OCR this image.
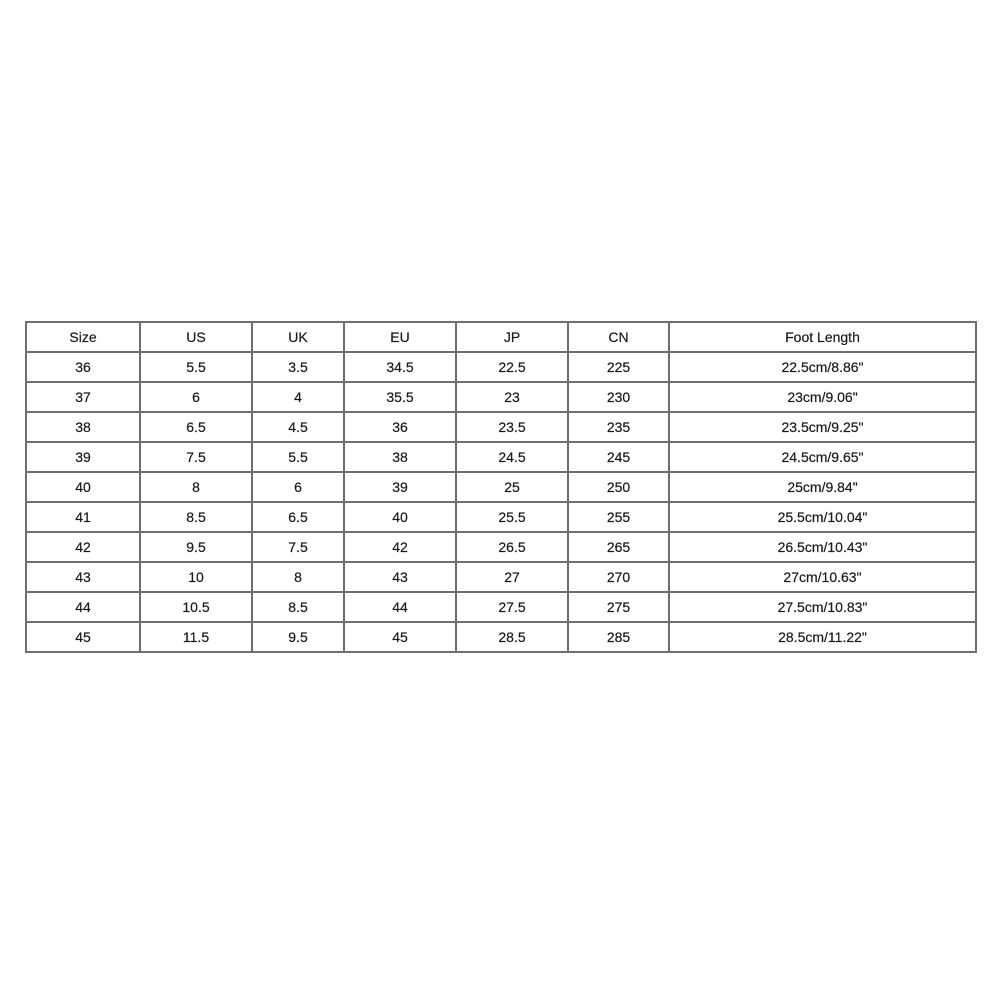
Size	US	UK	EU	JP	CN	Foot Length
36	5.5	3.5	34.5	22.5	225	22.5cm/8.86"
37	6	4	35.5	23	230	23cm/9.06"
38	6.5	4.5	36	23.5	235	23.5cm/9.25"
39	7.5	5.5	38	24.5	245	24.5cm/9.65"
40	8	6	39	25	250	25cm/9.84"
41	8.5	6.5	40	25.5	255	25.5cm/10.04"
42	9.5	7.5	42	26.5	265	26.5cm/10.43"
43	10	8	43	27	270	27cm/10.63"
44	10.5	8.5	44	27.5	275	27.5cm/10.83"
45	11.5	9.5	45	28.5	285	28.5cm/11.22"
